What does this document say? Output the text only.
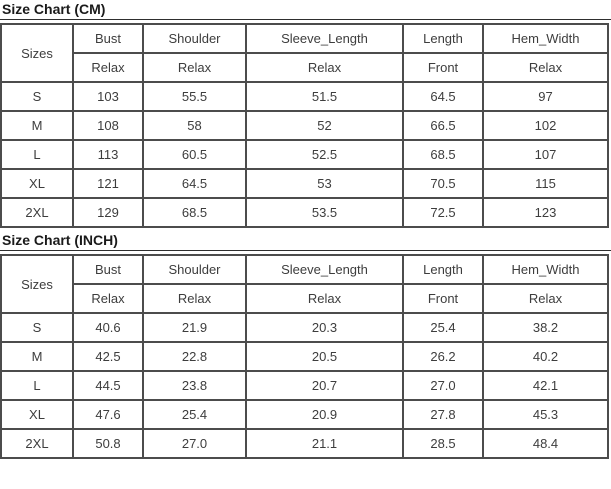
Size Chart (CM)
Sizes	Bust	Shoulder	Sleeve_Length	Length	Hem_Width
	Relax	Relax	Relax	Front	Relax
S	103	55.5	51.5	64.5	97
M	108	58	52	66.5	102
L	113	60.5	52.5	68.5	107
XL	121	64.5	53	70.5	115
2XL	129	68.5	53.5	72.5	123
Size Chart (INCH)
Sizes	Bust	Shoulder	Sleeve_Length	Length	Hem_Width
	Relax	Relax	Relax	Front	Relax
S	40.6	21.9	20.3	25.4	38.2
M	42.5	22.8	20.5	26.2	40.2
L	44.5	23.8	20.7	27.0	42.1
XL	47.6	25.4	20.9	27.8	45.3
2XL	50.8	27.0	21.1	28.5	48.4
